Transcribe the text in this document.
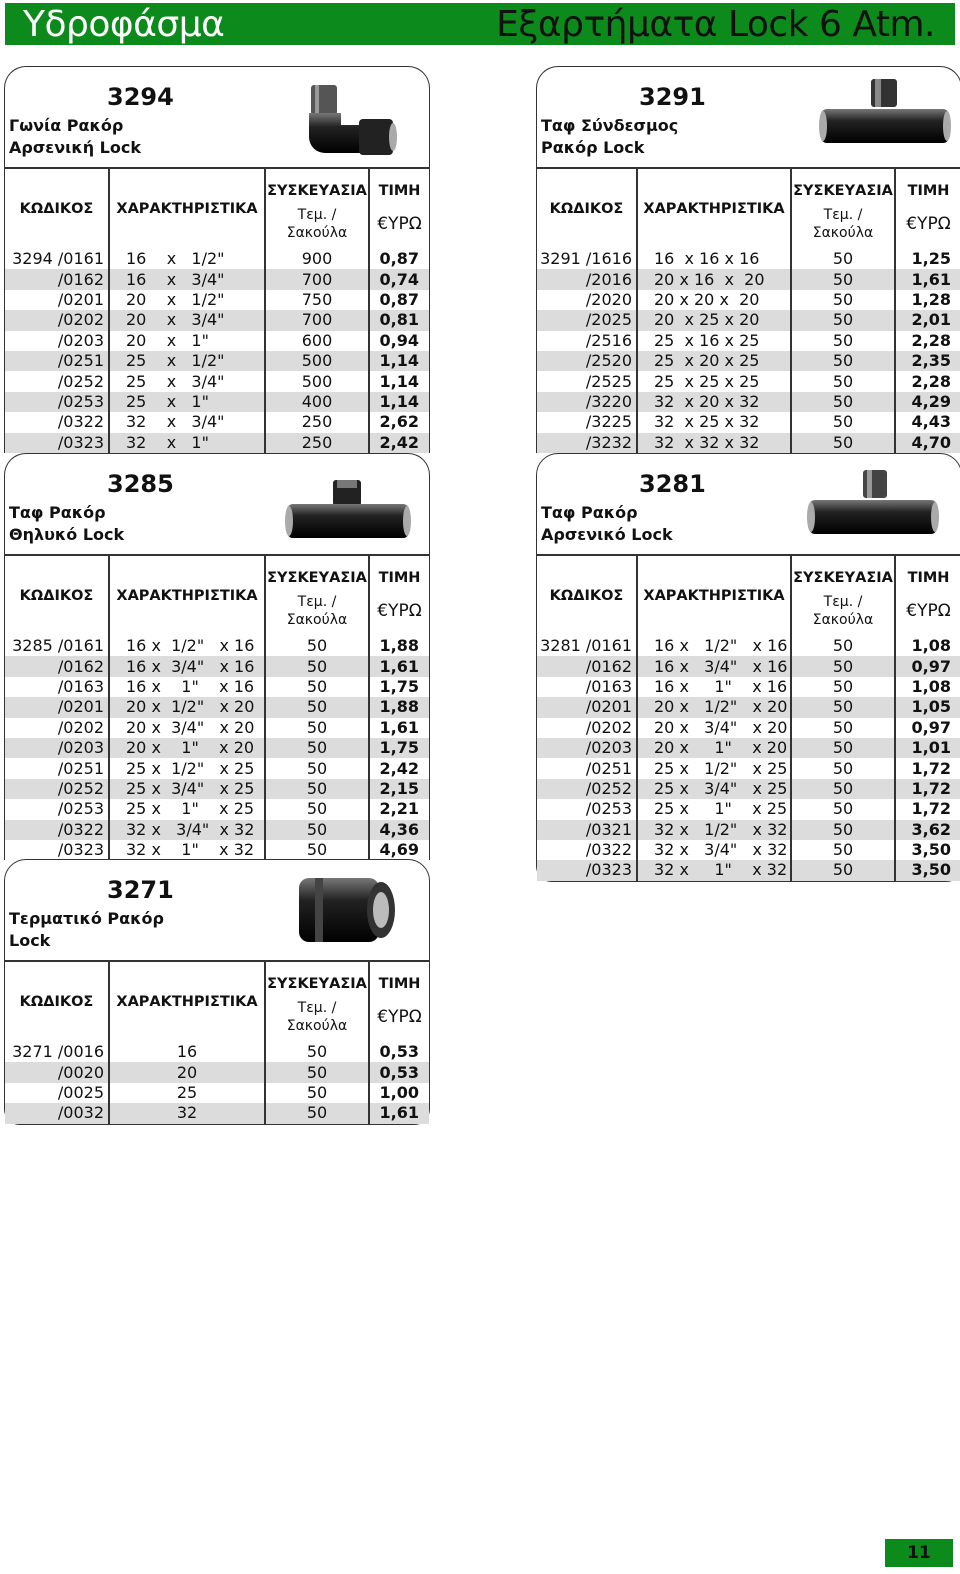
Υδροφάσμα	Εξαρτήματα Lock 6 Atm.
3294
Γωνία Ρακόρ
Αρσενική Lock
ΚΩΔΙΚΟΣ	ΧΑΡΑΚΤΗΡΙΣΤΙΚΑ	ΣΥΣΚΕΥΑΣΙΑ	ΤΙΜΗ

		Τεμ. / Σακούλα	€ΥΡΩ
3294 /0161	16    x   1/2"	900	0,87
/0162	16    x   3/4"	700	0,74
/0201	20    x   1/2"	750	0,87
/0202	20    x   3/4"	700	0,81
/0203	20    x   1"	600	0,94
/0251	25    x   1/2"	500	1,14
/0252	25    x   3/4"	500	1,14
/0253	25    x   1"	400	1,14
/0322	32    x   3/4"	250	2,62
/0323	32    x   1"	250	2,42
3291
Ταφ Σύνδεσμος
Ρακόρ Lock
ΚΩΔΙΚΟΣ	ΧΑΡΑΚΤΗΡΙΣΤΙΚΑ	ΣΥΣΚΕΥΑΣΙΑ	ΤΙΜΗ

		Τεμ. / Σακούλα	€ΥΡΩ
3291 /1616	16  x 16 x 16	50	1,25
/2016	20 x 16  x  20	50	1,61
/2020	20 x 20 x  20	50	1,28
/2025	20  x 25 x 20	50	2,01
/2516	25  x 16 x 25	50	2,28
/2520	25  x 20 x 25	50	2,35
/2525	25  x 25 x 25	50	2,28
/3220	32  x 20 x 32	50	4,29
/3225	32  x 25 x 32	50	4,43
/3232	32  x 32 x 32	50	4,70
3285
Ταφ Ρακόρ
Θηλυκό Lock
ΚΩΔΙΚΟΣ	ΧΑΡΑΚΤΗΡΙΣΤΙΚΑ	ΣΥΣΚΕΥΑΣΙΑ	ΤΙΜΗ

		Τεμ. / Σακούλα	€ΥΡΩ
3285 /0161	16 x  1/2"   x 16	50	1,88
/0162	16 x  3/4"   x 16	50	1,61
/0163	16 x    1"    x 16	50	1,75
/0201	20 x  1/2"   x 20	50	1,88
/0202	20 x  3/4"   x 20	50	1,61
/0203	20 x    1"    x 20	50	1,75
/0251	25 x  1/2"   x 25	50	2,42
/0252	25 x  3/4"   x 25	50	2,15
/0253	25 x    1"    x 25	50	2,21
/0322	32 x   3/4"  x 32	50	4,36
/0323	32 x    1"    x 32	50	4,69
3281
Ταφ Ρακόρ
Αρσενικό Lock
ΚΩΔΙΚΟΣ	ΧΑΡΑΚΤΗΡΙΣΤΙΚΑ	ΣΥΣΚΕΥΑΣΙΑ	ΤΙΜΗ

		Τεμ. / Σακούλα	€ΥΡΩ
3281 /0161	16 x   1/2"   x 16	50	1,08
/0162	16 x   3/4"   x 16	50	0,97
/0163	16 x     1"    x 16	50	1,08
/0201	20 x   1/2"   x 20	50	1,05
/0202	20 x   3/4"   x 20	50	0,97
/0203	20 x     1"    x 20	50	1,01
/0251	25 x   1/2"   x 25	50	1,72
/0252	25 x   3/4"   x 25	50	1,72
/0253	25 x     1"    x 25	50	1,72
/0321	32 x   1/2"   x 32	50	3,62
/0322	32 x   3/4"   x 32	50	3,50
/0323	32 x     1"    x 32	50	3,50
3271
Τερματικό Ρακόρ
Lock
ΚΩΔΙΚΟΣ	ΧΑΡΑΚΤΗΡΙΣΤΙΚΑ	ΣΥΣΚΕΥΑΣΙΑ	ΤΙΜΗ

		Τεμ. / Σακούλα	€ΥΡΩ
3271 /0016	16	50	0,53
/0020	20	50	0,53
/0025	25	50	1,00
/0032	32	50	1,61
11
